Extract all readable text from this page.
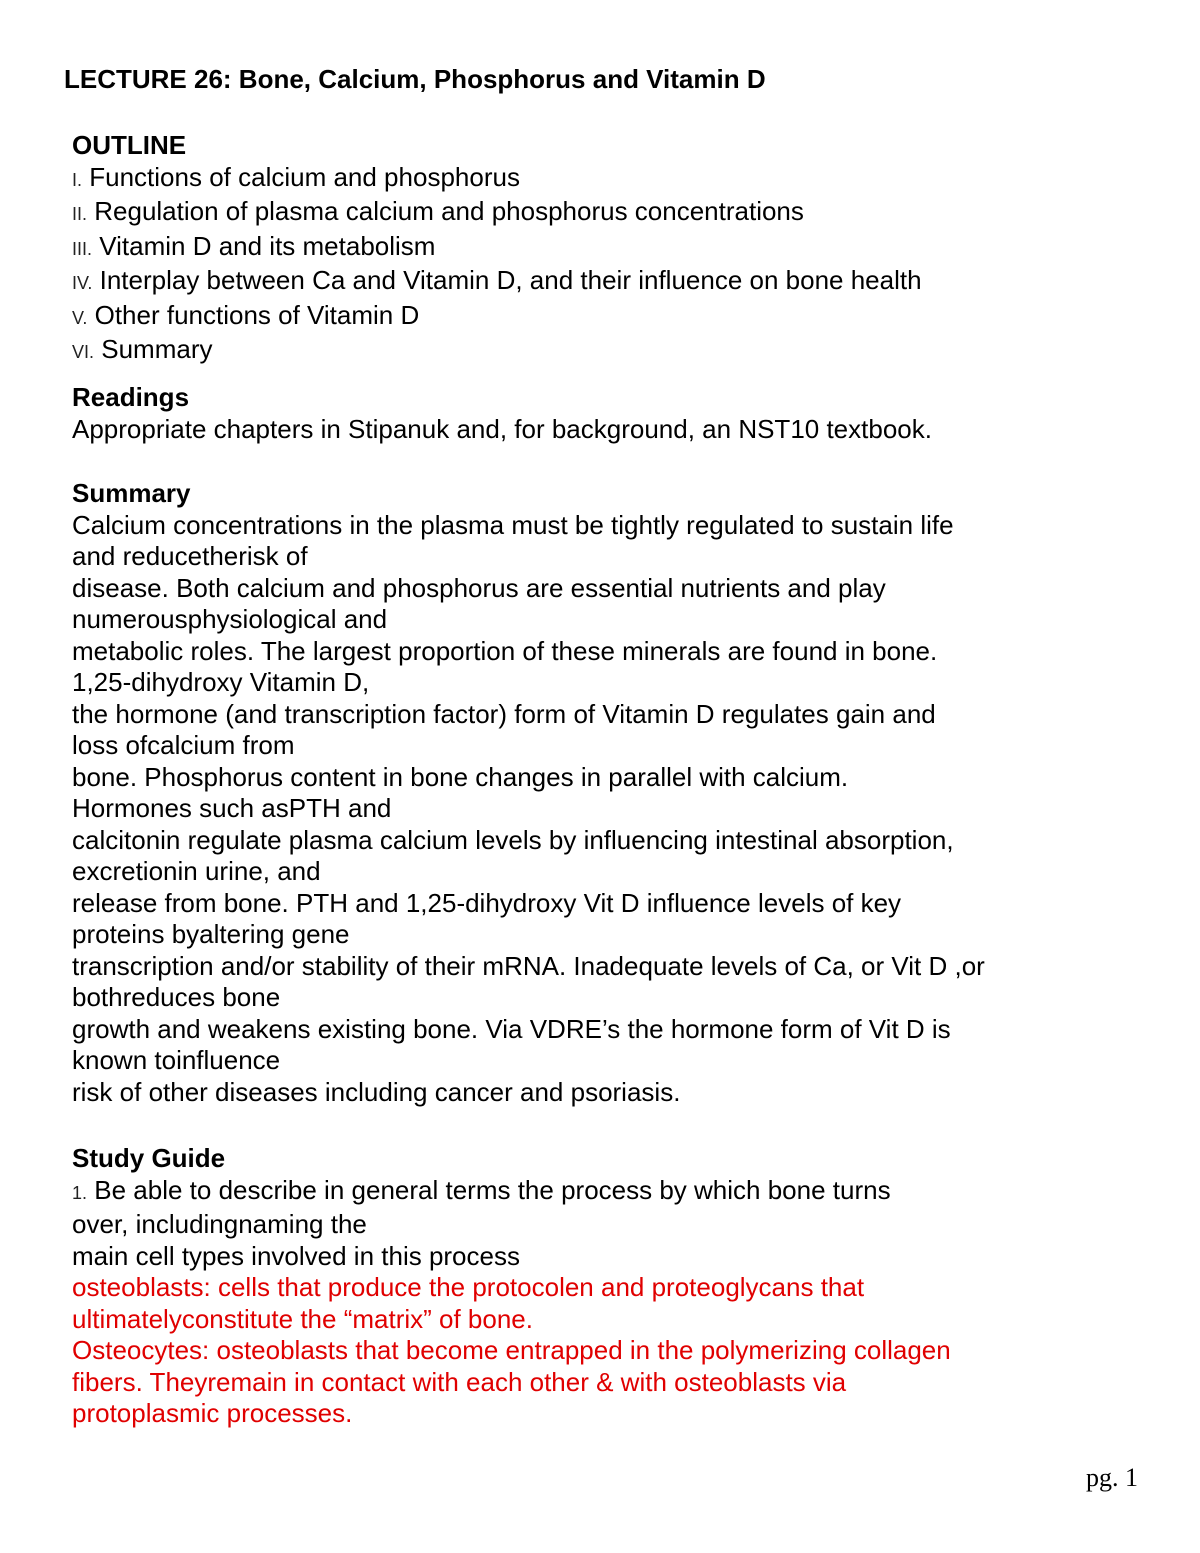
LECTURE 26: Bone, Calcium, Phosphorus and Vitamin D

OUTLINE

I. Functions of calcium and phosphorus

II. Regulation of plasma calcium and phosphorus concentrations

III. Vitamin D and its metabolism

IV. Interplay between Ca and Vitamin D, and their influence on bone health

V. Other functions of Vitamin D

VI. Summary

Readings

Appropriate chapters in Stipanuk and, for background, an NST10 textbook.

Summary

Calcium concentrations in the plasma must be tightly regulated to sustain life

and reducetherisk of

disease. Both calcium and phosphorus are essential nutrients and play

numerousphysiological and

metabolic roles. The largest proportion of these minerals are found in bone.

1,25-dihydroxy Vitamin D,

the hormone (and transcription factor) form of Vitamin D regulates gain and

loss ofcalcium from

bone. Phosphorus content in bone changes in parallel with calcium.

Hormones such asPTH and

calcitonin regulate plasma calcium levels by influencing intestinal absorption,

excretionin urine, and

release from bone. PTH and 1,25-dihydroxy Vit D influence levels of key

proteins byaltering gene

transcription and/or stability of their mRNA. Inadequate levels of Ca, or Vit D ,or

bothreduces bone

growth and weakens existing bone. Via VDRE’s the hormone form of Vit D is

known toinfluence

risk of other diseases including cancer and psoriasis.

Study Guide

1. Be able to describe in general terms the process by which bone turns

over, includingnaming the

main cell types involved in this process

osteoblasts: cells that produce the protocolen and proteoglycans that

ultimatelyconstitute the “matrix” of bone.

Osteocytes: osteoblasts that become entrapped in the polymerizing collagen

fibers. Theyremain in contact with each other & with osteoblasts via

protoplasmic processes.

pg. 1
